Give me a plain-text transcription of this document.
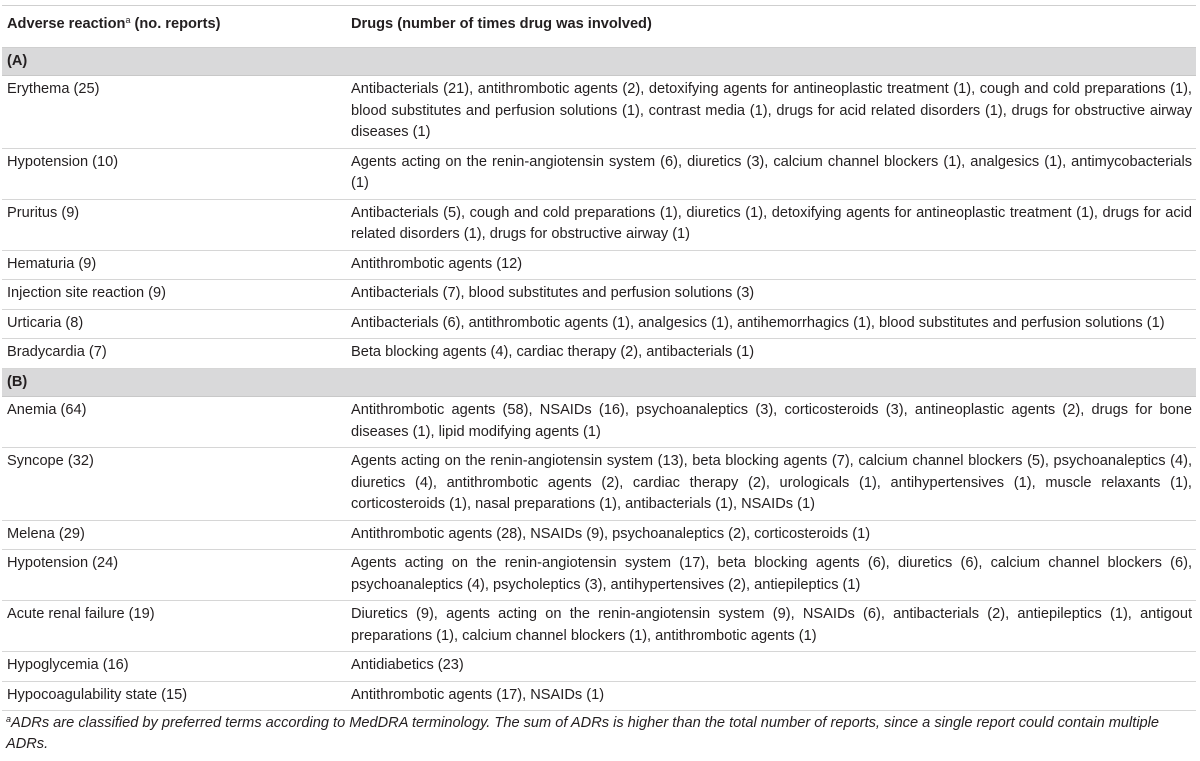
Adverse reaction$^a$ (no. reports)	Drugs (number of times drug was involved)
(A)	
Erythema (25)	Antibacterials (21), antithrombotic agents (2), detoxifying agents for antineoplastic treatment (1), cough and cold preparations (1), blood substitutes and perfusion solutions (1), contrast media (1), drugs for acid related disorders (1), drugs for obstructive airway diseases (1)
Hypotension (10)	Agents acting on the renin-angiotensin system (6), diuretics (3), calcium channel blockers (1), analgesics (1), antimycobacterials (1)
Pruritus (9)	Antibacterials (5), cough and cold preparations (1), diuretics (1), detoxifying agents for antineoplastic treatment (1), drugs for acid related disorders (1), drugs for obstructive airway (1)
Hematuria (9)	Antithrombotic agents (12)
Injection site reaction (9)	Antibacterials (7), blood substitutes and perfusion solutions (3)
Urticaria (8)	Antibacterials (6), antithrombotic agents (1), analgesics (1), antihemorrhagics (1), blood substitutes and perfusion solutions (1)
Bradycardia (7)	Beta blocking agents (4), cardiac therapy (2), antibacterials (1)
(B)	
Anemia (64)	Antithrombotic agents (58), NSAIDs (16), psychoanaleptics (3), corticosteroids (3), antineoplastic agents (2), drugs for bone diseases (1), lipid modifying agents (1)
Syncope (32)	Agents acting on the renin-angiotensin system (13), beta blocking agents (7), calcium channel blockers (5), psychoanaleptics (4), diuretics (4), antithrombotic agents (2), cardiac therapy (2), urologicals (1), antihypertensives (1), muscle relaxants (1), corticosteroids (1), nasal preparations (1), antibacterials (1), NSAIDs (1)
Melena (29)	Antithrombotic agents (28), NSAIDs (9), psychoanaleptics (2), corticosteroids (1)
Hypotension (24)	Agents acting on the renin-angiotensin system (17), beta blocking agents (6), diuretics (6), calcium channel blockers (6), psychoanaleptics (4), psycholeptics (3), antihypertensives (2), antiepileptics (1)
Acute renal failure (19)	Diuretics (9), agents acting on the renin-angiotensin system (9), NSAIDs (6), antibacterials (2), antiepileptics (1), antigout preparations (1), calcium channel blockers (1), antithrombotic agents (1)
Hypoglycemia (16)	Antidiabetics (23)
Hypocoagulability state (15)	Antithrombotic agents (17), NSAIDs (1)
$^a$ADRs are classified by preferred terms according to MedDRA terminology. The sum of ADRs is higher than the total number of reports, since a single report could contain multiple ADRs.
